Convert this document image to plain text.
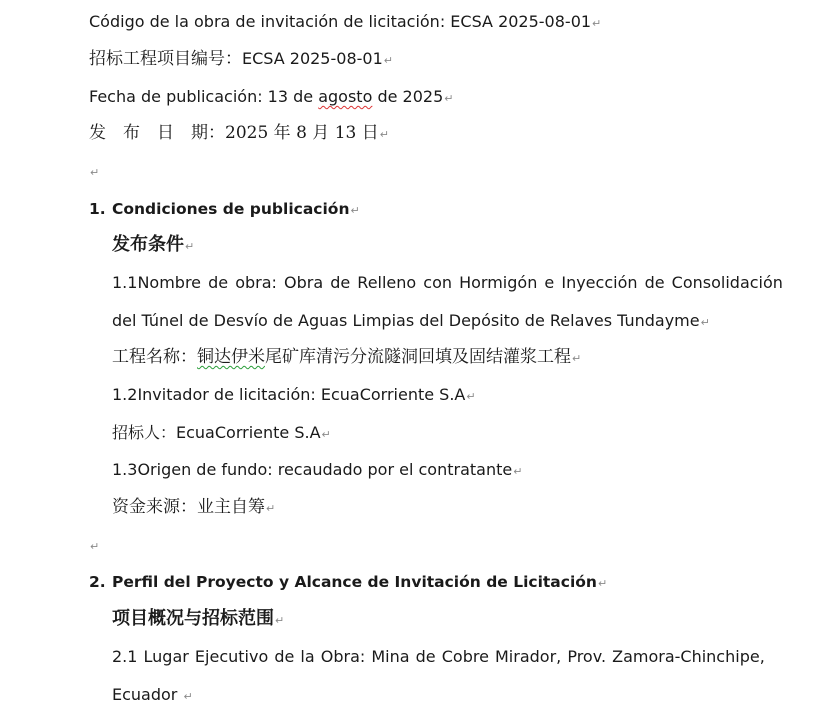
Código de la obra de invitación de licitación: ECSA 2025-08-01↵
招标工程项目编号：ECSA 2025-08-01↵
Fecha de publicación: 13 de agosto de 2025↵
发　布　日　期：2025 年 8 月 13 日↵
↵
1. Condiciones de publicación↵
发布条件↵
1.1Nombre de obra: Obra de Relleno con Hormigón e Inyección de Consolidación
del Túnel de Desvío de Aguas Limpias del Depósito de Relaves Tundayme↵
工程名称：铜达伊米尾矿库清污分流隧洞回填及固结灌浆工程↵
1.2Invitador de licitación: EcuaCorriente S.A↵
招标人：EcuaCorriente S.A↵
1.3Origen de fundo: recaudado por el contratante↵
资金来源：业主自筹↵
↵
2. Perfil del Proyecto y Alcance de Invitación de Licitación↵
项目概况与招标范围↵
2.1 Lugar Ejecutivo de la Obra: Mina de Cobre Mirador, Prov. Zamora-Chinchipe,
Ecuador ↵
